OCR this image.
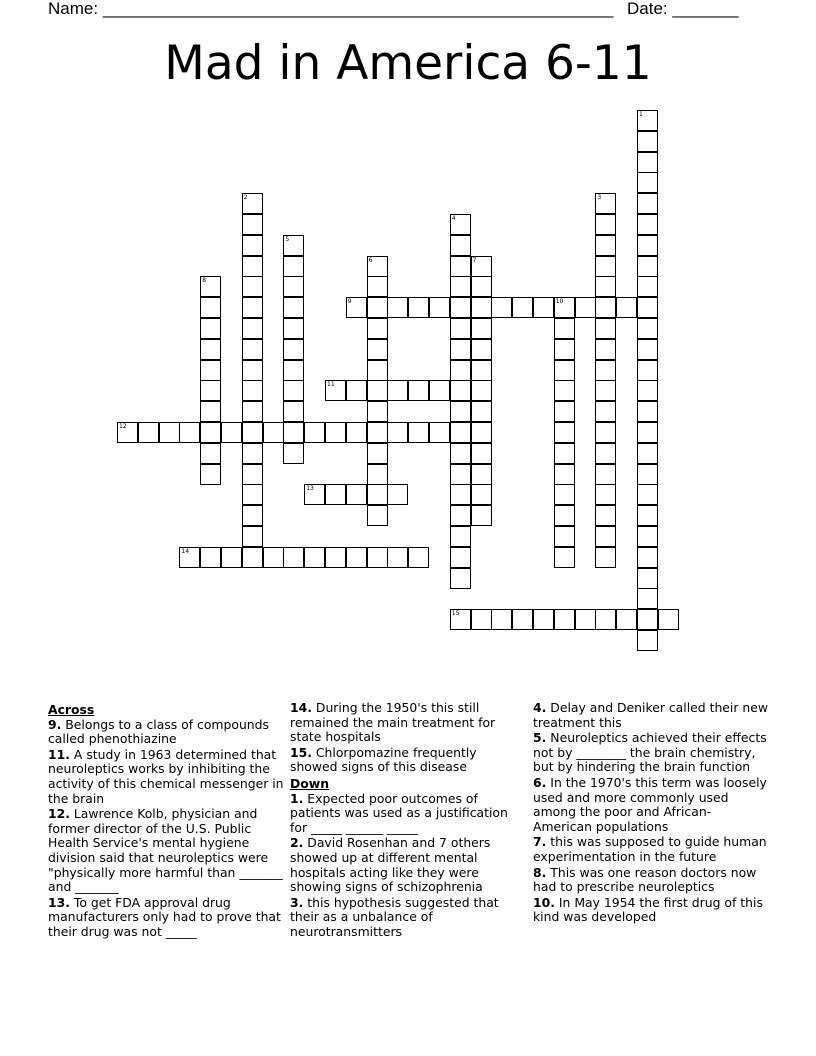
Name: ______________________________________________________ Date: _______
Mad in America 6-11
1
2	3
4
5
6	7
8
9	10
11
12
13
14
15
Across

9. Belongs to a class of compounds called phenothiazine

11. A study in 1963 determined that neuroleptics works by inhibiting the activity of this chemical messenger in the brain

12. Lawrence Kolb, physician and former director of the U.S. Public Health Service's mental hygiene division said that neuroleptics were "physically more harmful than _______ and _______

13. To get FDA approval drug manufacturers only had to prove that their drug was not _____

14. During the 1950's this still remained the main treatment for state hospitals

15. Chlorpomazine frequently showed signs of this disease

Down

1. Expected poor outcomes of patients was used as a justification for _____ ______ _____

2. David Rosenhan and 7 others showed up at different mental hospitals acting like they were showing signs of schizophrenia

3. this hypothesis suggested that their as a unbalance of neurotransmitters

4. Delay and Deniker called their new treatment this

5. Neuroleptics achieved their effects not by ________ the brain chemistry, but by hindering the brain function

6. In the 1970's this term was loosely used and more commonly used among the poor and African-American populations

7. this was supposed to guide human experimentation in the future

8. This was one reason doctors now had to prescribe neuroleptics

10. In May 1954 the first drug of this kind was developed
